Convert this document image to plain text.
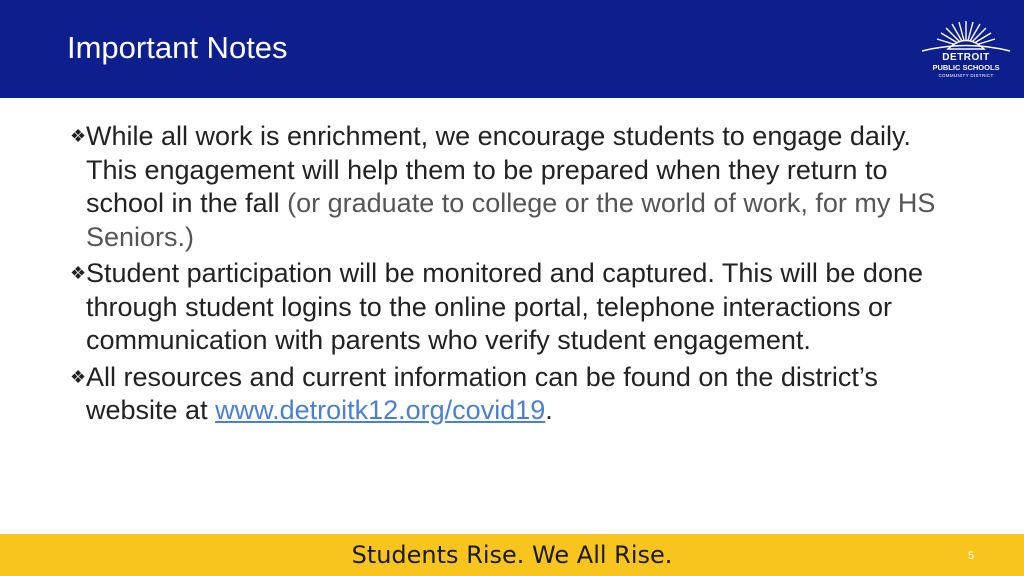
Important Notes	DETROIT
PUBLIC SCHOOLS
COMMUNITY DISTRICT
❖ While all work is enrichment, we encourage students to engage daily. This engagement will help them to be prepared when they return to school in the fall (or graduate to college or the world of work, for my HS Seniors.)
❖ Student participation will be monitored and captured. This will be done through student logins to the online portal, telephone interactions or communication with parents who verify student engagement.
❖ All resources and current information can be found on the district’s website at www.detroitk12.org/covid19.
Students Rise. We All Rise.	5
